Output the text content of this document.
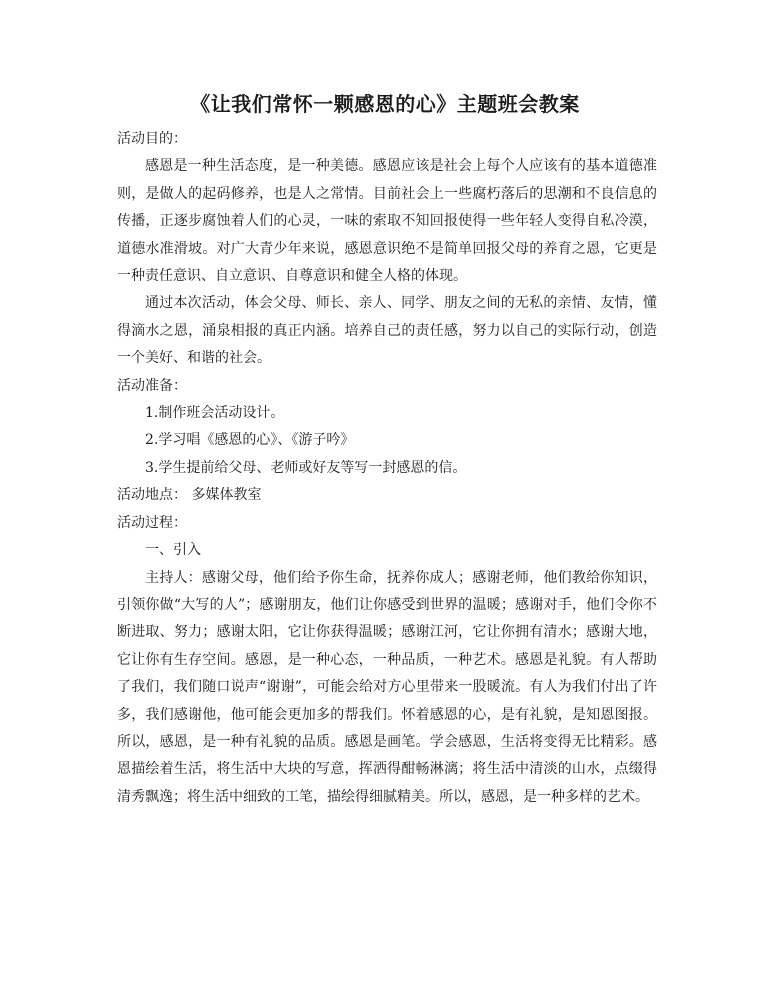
《让我们常怀一颗感恩的心》主题班会教案

活动目的：

感恩是一种生活态度，是一种美德。感恩应该是社会上每个人应该有的基本道德准则，是做人的起码修养，也是人之常情。目前社会上一些腐朽落后的思潮和不良信息的传播，正逐步腐蚀着人们的心灵，一味的索取不知回报使得一些年轻人变得自私冷漠，道德水准滑坡。对广大青少年来说，感恩意识绝不是简单回报父母的养育之恩，它更是一种责任意识、自立意识、自尊意识和健全人格的体现。

通过本次活动，体会父母、师长、亲人、同学、朋友之间的无私的亲情、友情，懂得滴水之恩，涌泉相报的真正内涵。培养自己的责任感，努力以自己的实际行动，创造一个美好、和谐的社会。

活动准备：

1.制作班会活动设计。

2.学习唱《感恩的心》、《游子吟》

3.学生提前给父母、老师或好友等写一封感恩的信。

活动地点： 多媒体教室

活动过程：

一、引入

主持人：感谢父母，他们给予你生命，抚养你成人；感谢老师，他们教给你知识，引领你做“大写的人”；感谢朋友，他们让你感受到世界的温暖；感谢对手，他们令你不断进取、努力；感谢太阳，它让你获得温暖；感谢江河，它让你拥有清水；感谢大地，它让你有生存空间。感恩，是一种心态，一种品质，一种艺术。感恩是礼貌。有人帮助了我们，我们随口说声“谢谢”，可能会给对方心里带来一股暖流。有人为我们付出了许多，我们感谢他，他可能会更加多的帮我们。怀着感恩的心，是有礼貌，是知恩图报。所以，感恩，是一种有礼貌的品质。感恩是画笔。学会感恩，生活将变得无比精彩。感恩描绘着生活，将生活中大块的写意，挥洒得酣畅淋漓；将生活中清淡的山水，点缀得清秀飘逸；将生活中细致的工笔，描绘得细腻精美。所以，感恩，是一种多样的艺术。
